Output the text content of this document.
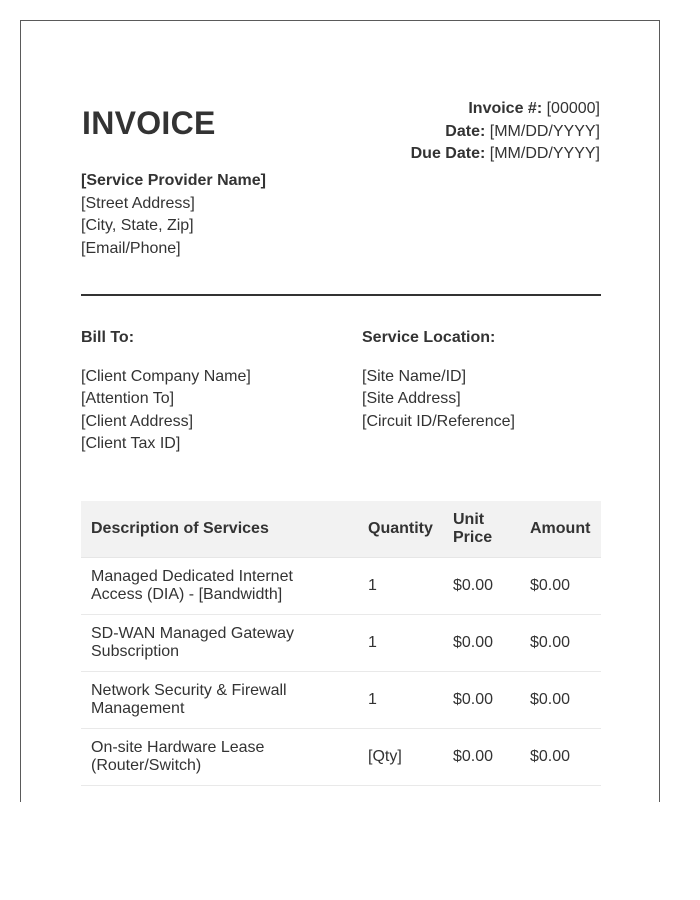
INVOICE	Invoice #: [00000]
Date: [MM/DD/YYYY]
Due Date: [MM/DD/YYYY]
[Service Provider Name]
[Street Address]
[City, State, Zip]
[Email/Phone]
Bill To:
[Client Company Name]
[Attention To]
[Client Address]
[Client Tax ID]
Service Location:
[Site Name/ID]
[Site Address]
[Circuit ID/Reference]
Description of Services	Quantity	Unit Price	Amount
Managed Dedicated Internet Access (DIA) - [Bandwidth]	1	$0.00	$0.00
SD-WAN Managed Gateway Subscription	1	$0.00	$0.00
Network Security & Firewall Management	1	$0.00	$0.00
On-site Hardware Lease (Router/Switch)	[Qty]	$0.00	$0.00
